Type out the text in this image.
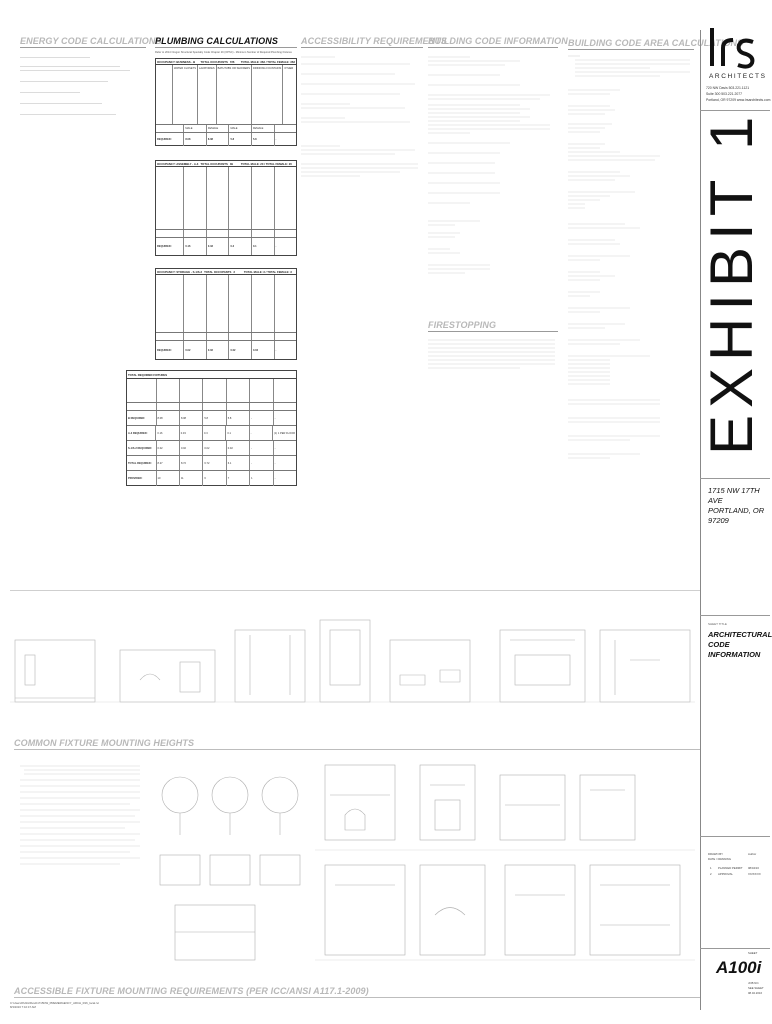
ENERGY CODE CALCULATIONS
PLUMBING CALCULATIONS	ACCESSIBILITY REQUIREMENTS
BUILDING CODE INFORMATION BUILDING CODE AREA CALCULATIONS

Refer to 2014 Oregon Structural Specialty Code Chapter 29 (OPSC) - Minimum Number of Required Plumbing Fixtures
OCCUPANCY: BUSINESS - B	TOTAL OCCUPANTS 726	TOTAL MALE: 363 / TOTAL FEMALE: 363

WATER CLOSETS	LAVATORIES	BATHTUBS OR SHOWERS	DRINKING FOUNTAINS	OTHER
MALE	FEMALE	MALE	FEMALE
REQUIRED:	8.08	8.08	5.8	5.8	-
OCCUPANCY: ASSEMBLY - A-3 TOTAL OCCUPANTS 39	TOTAL MALE: 20 / TOTAL FEMALE: 20
REQUIRED:	0.16	0.33	0.3	0.1	-
OCCUPANCY: STORAGE - S-1/S-2 TOTAL OCCUPANTS 3	TOTAL MALE: 3 / TOTAL FEMALE: 3
REQUIRED:	0.02	0.02	0.02	0.02	-
TOTAL REQUIRED FIXTURES
B REQUIRED:	8.08	8.08	5.8	5.8	-	-
A-3 REQUIRED:	0.16	0.33	0.3	0.1	-	(1) 1 PER FLOOR
S-1/S-2 REQUIRED:	0.02	0.02	0.02	0.02	-	-
TOTAL REQUIRED:	8.27	8.72	6.72	6.1	-	-
PROVIDED:	10	11	6	7	1	-
FIRESTOPPING
ARCHITECTS
720 NW Davis 503.221.1121
Suite 300 503.221.2077
Portland, OR 97209 www.lrsarchitects.com
EXHIBIT 1
1715 NW 17TH AVE
PORTLAND, OR
97209
SHEET TITLE
ARCHITECTURAL
CODE
INFORMATION
DRAWN BY	Author
DATE / DRAWING
1 PLANNED PERMIT 08/04/16
2 APPROVAL	XX/XX/XX
SHEET
A100i
JOB NO.
SEE SHEET
08.02.2016
COMMON FIXTURE MOUNTING HEIGHTS
ACCESSIBLE FIXTURE MOUNTING REQUIREMENTS (PER ICC/ANSI A117.1-2009)
C:\Users\Public\Revit\1715NW_PREMERGENCY_ARCH_R16_local.rvt
8/3/2016 7:10:47 AM
